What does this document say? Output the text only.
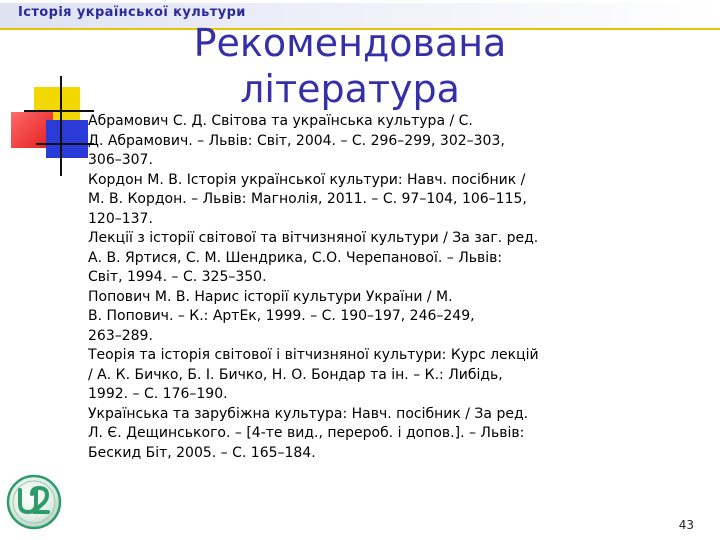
Історія української культури
Рекомендована
література

Абрамович С. Д. Світова та українська культура / С.
Д. Абрамович. – Львів: Світ, 2004. – С. 296–299, 302–303,
306–307.

Кордон М. В. Історія української культури: Навч. посібник /
М. В. Кордон. – Львів: Магнолія, 2011. – С. 97–104, 106–115,
120–137.

Лекції з історії світової та вітчизняної культури / За заг. ред.
А. В. Яртися, С. М. Шендрика, С.О. Черепанової. – Львів:
Світ, 1994. – С. 325–350.

Попович М. В. Нарис історії культури України / М.
В. Попович. – К.: АртЕк, 1999. – С. 190–197, 246–249,
263–289.

Теорія та історія світової і вітчизняної культури: Курс лекцій
/ А. К. Бичко, Б. І. Бичко, Н. О. Бондар та ін. – К.: Либідь,
1992. – С. 176–190.

Українська та зарубіжна культура: Навч. посібник / За ред.
Л. Є. Дещинського. – [4-те вид., перероб. і допов.]. – Львів:
Бескид Біт, 2005. – С. 165–184.

43
